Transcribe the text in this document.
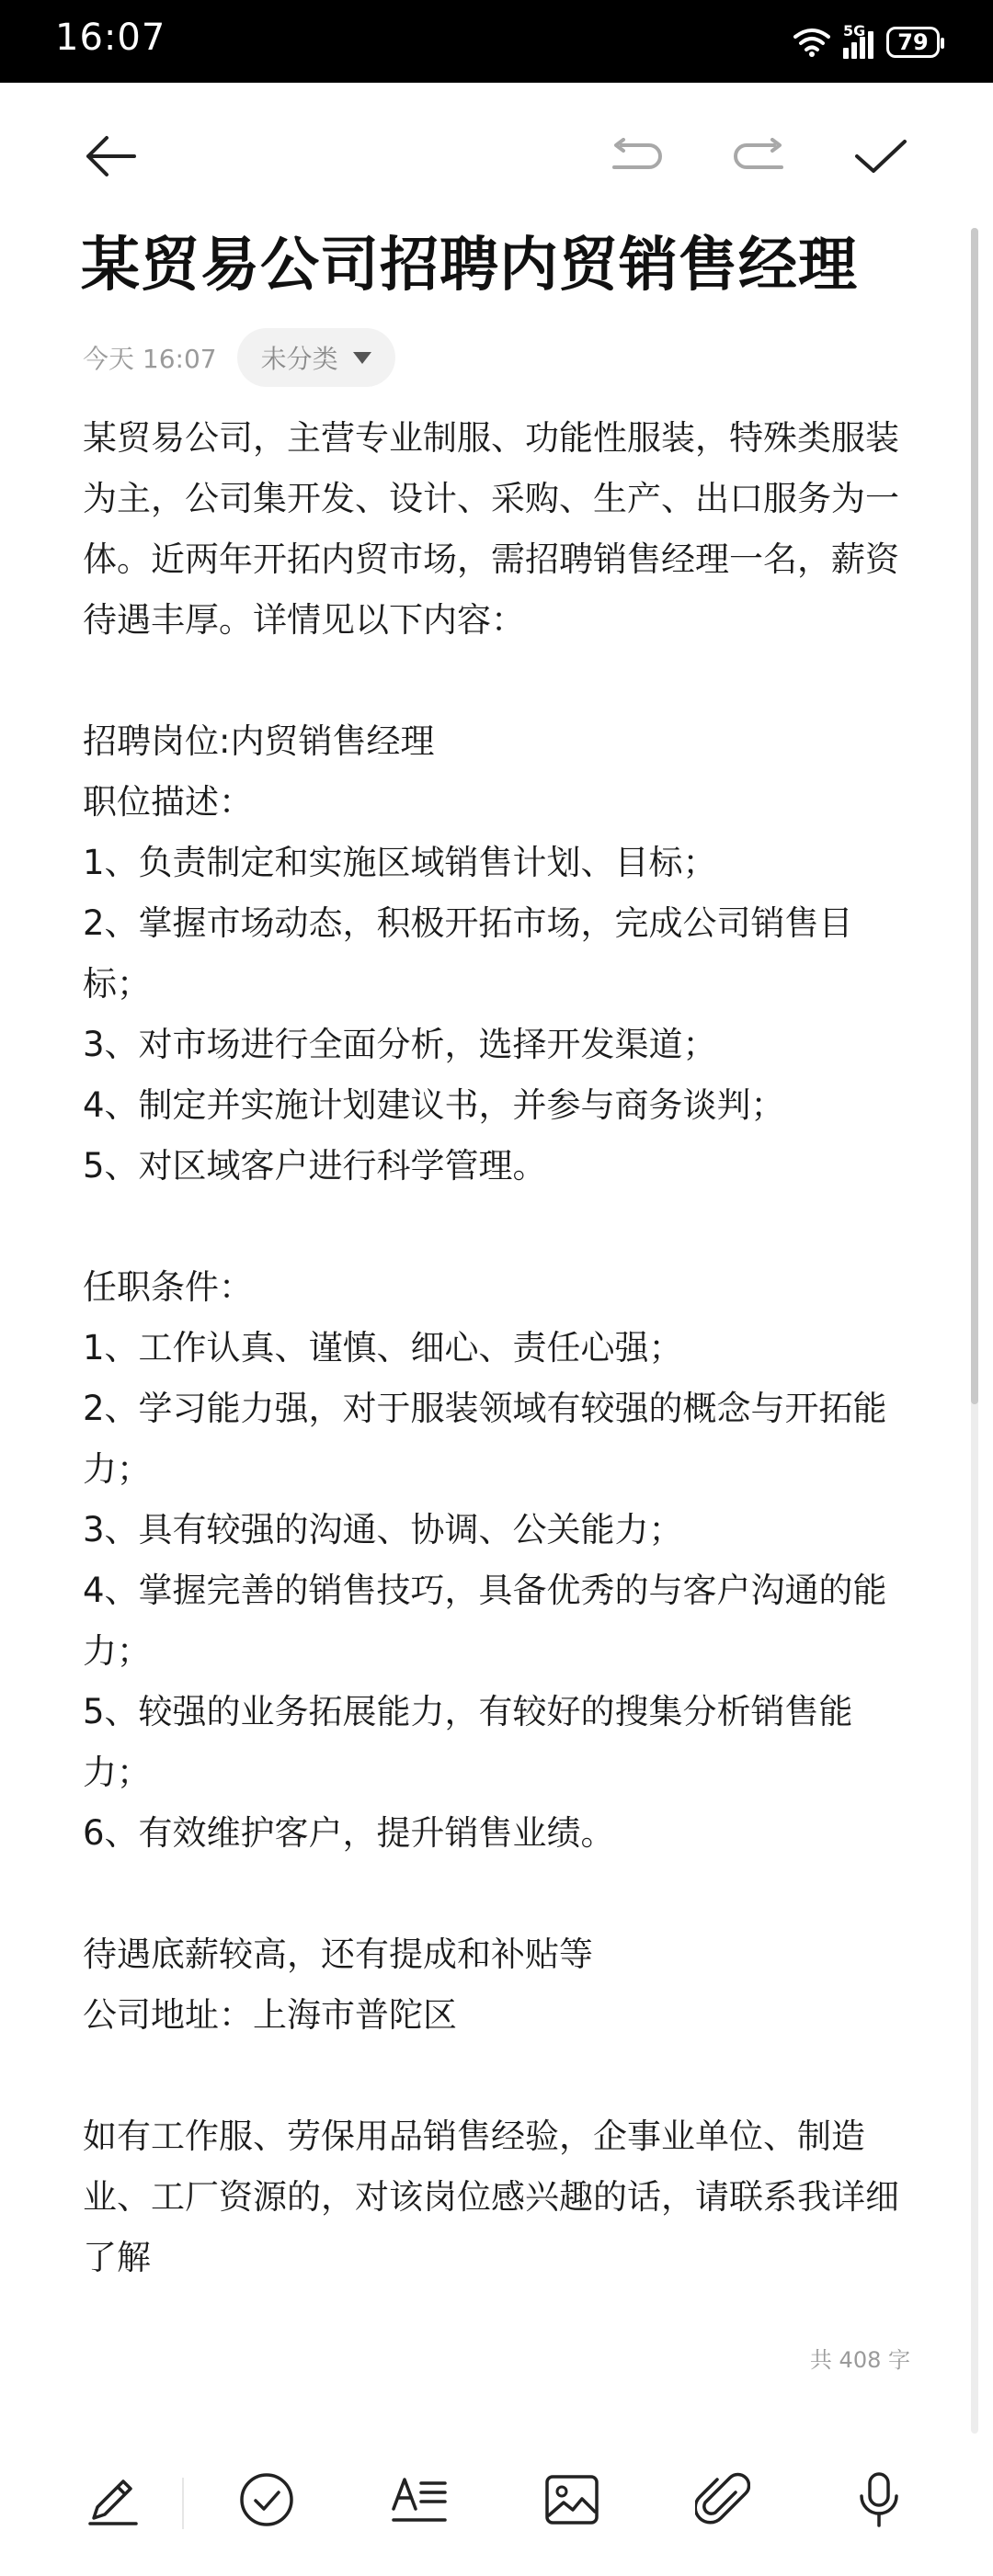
16:07	5G 79
某贸易公司招聘内贸销售经理
今天 16:07 未分类

某贸易公司，主营专业制服、功能性服装，特殊类服装

为主，公司集开发、设计、采购、生产、出口服务为一

体。近两年开拓内贸市场，需招聘销售经理一名，薪资

待遇丰厚。详情见以下内容：

招聘岗位:内贸销售经理

职位描述：

1、负责制定和实施区域销售计划、目标；

2、掌握市场动态，积极开拓市场，完成公司销售目

标；

3、对市场进行全面分析，选择开发渠道；

4、制定并实施计划建议书，并参与商务谈判；

5、对区域客户进行科学管理。

任职条件：

1、工作认真、谨慎、细心、责任心强；

2、学习能力强，对于服装领域有较强的概念与开拓能

力；

3、具有较强的沟通、协调、公关能力；

4、掌握完善的销售技巧，具备优秀的与客户沟通的能

力；

5、较强的业务拓展能力，有较好的搜集分析销售能

力；

6、有效维护客户，提升销售业绩。

待遇底薪较高，还有提成和补贴等

公司地址：上海市普陀区

如有工作服、劳保用品销售经验，企事业单位、制造

业、工厂资源的，对该岗位感兴趣的话，请联系我详细

了解

共 408 字
